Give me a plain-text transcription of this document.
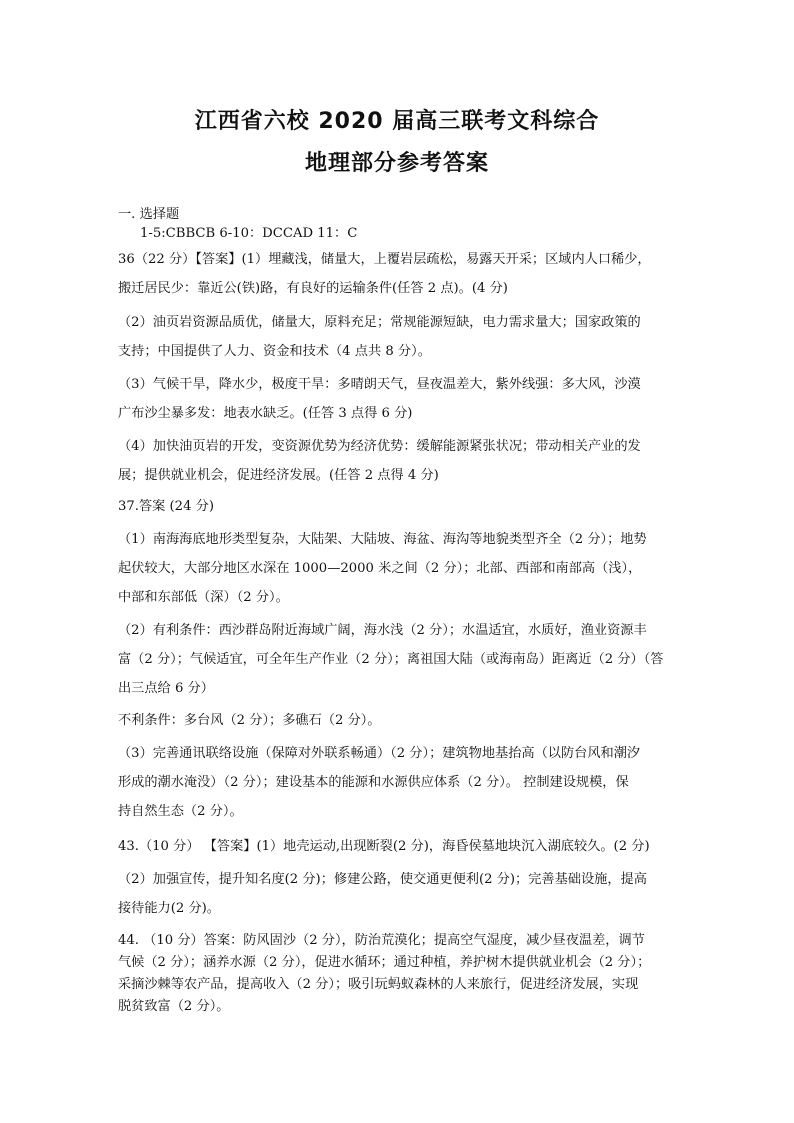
江西省六校 2020 届高三联考文科综合
地理部分参考答案
一. 选择题
1-5:CBBCB 6-10：DCCAD 11：C
36（22 分）【答案】(1）埋藏浅，储量大，上覆岩层疏松，易露天开采；区域内人口稀少，
搬迁居民少：靠近公(铁)路，有良好的运输条件(任答 2 点)。(4 分)
（2）油页岩资源品质优，储量大，原料充足；常规能源短缺，电力需求量大；国家政策的
支持；中国提供了人力、资金和技术（4 点共 8 分）。
（3）气候干旱，降水少，极度干旱：多晴朗天气，昼夜温差大，紫外线强：多大风，沙漠
广布沙尘暴多发：地表水缺乏。(任答 3 点得 6 分)
（4）加快油页岩的开发，变资源优势为经济优势：缓解能源紧张状况；带动相关产业的发
展；提供就业机会，促进经济发展。(任答 2 点得 4 分)
37.答案 (24 分)
（1）南海海底地形类型复杂，大陆架、大陆坡、海盆、海沟等地貌类型齐全（2 分）；地势
起伏较大，大部分地区水深在 1000—2000 米之间（2 分）；北部、西部和南部高（浅），
中部和东部低（深）（2 分）。
（2）有利条件：西沙群岛附近海域广阔，海水浅（2 分）；水温适宜，水质好，渔业资源丰
富（2 分）；气候适宜，可全年生产作业（2 分）；离祖国大陆（或海南岛）距离近（2 分）（答
出三点给 6 分）
不利条件：多台风（2 分）；多礁石（2 分）。
（3）完善通讯联络设施（保障对外联系畅通）（2 分）；建筑物地基抬高（以防台风和潮汐
形成的潮水淹没）（2 分）；建设基本的能源和水源供应体系（2 分）。 控制建设规模，保
持自然生态（2 分）。
43.（10 分） 【答案】(1）地壳运动,出现断裂(2 分)，海昏侯墓地块沉入湖底较久。(2 分)
（2）加强宣传，提升知名度(2 分)；修建公路，使交通更便利(2 分)；完善基础设施，提高
接待能力(2 分)。
44. （10 分）答案：防风固沙（2 分），防治荒漠化；提高空气湿度，减少昼夜温差，调节
气候（2 分）；涵养水源（2 分），促进水循环；通过种植，养护树木提供就业机会（2 分）；
采摘沙棘等农产品，提高收入（2 分）；吸引玩蚂蚁森林的人来旅行，促进经济发展，实现
脱贫致富（2 分）。
